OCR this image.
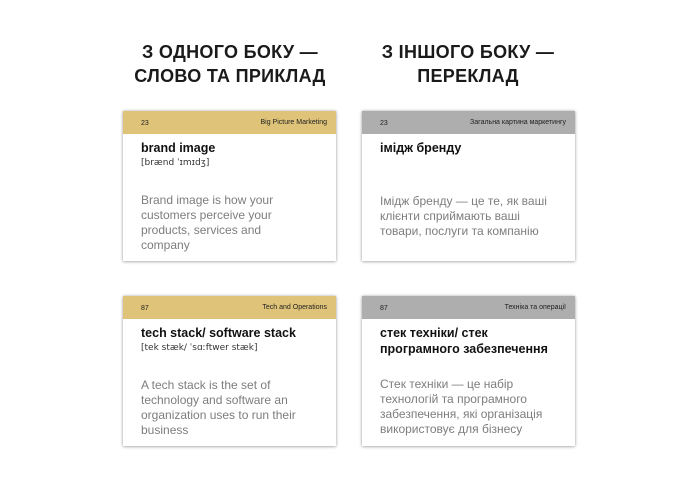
З ОДНОГО БОКУ —
СЛОВО ТА ПРИКЛАД
З ІНШОГО БОКУ —
ПЕРЕКЛАД
23	Big Picture Marketing
brand image
[brænd ˈɪmɪdʒ]
Brand image is how your
customers perceive your
products, services and
company
23	Загальна картина маркетингу
імідж бренду
Імідж бренду — це те, як ваші
клієнти сприймають ваші
товари, послуги та компанію
87	Tech and Operations
tech stack/ software stack
[tek stæk/ ˈsɑːftwer stæk]
A tech stack is the set of
technology and software an
organization uses to run their
business
87	Техніка та операції
стек техніки/ стек
програмного забезпечення
Стек техніки — це набір
технологій та програмного
забезпечення, які організація
використовує для бізнесу
